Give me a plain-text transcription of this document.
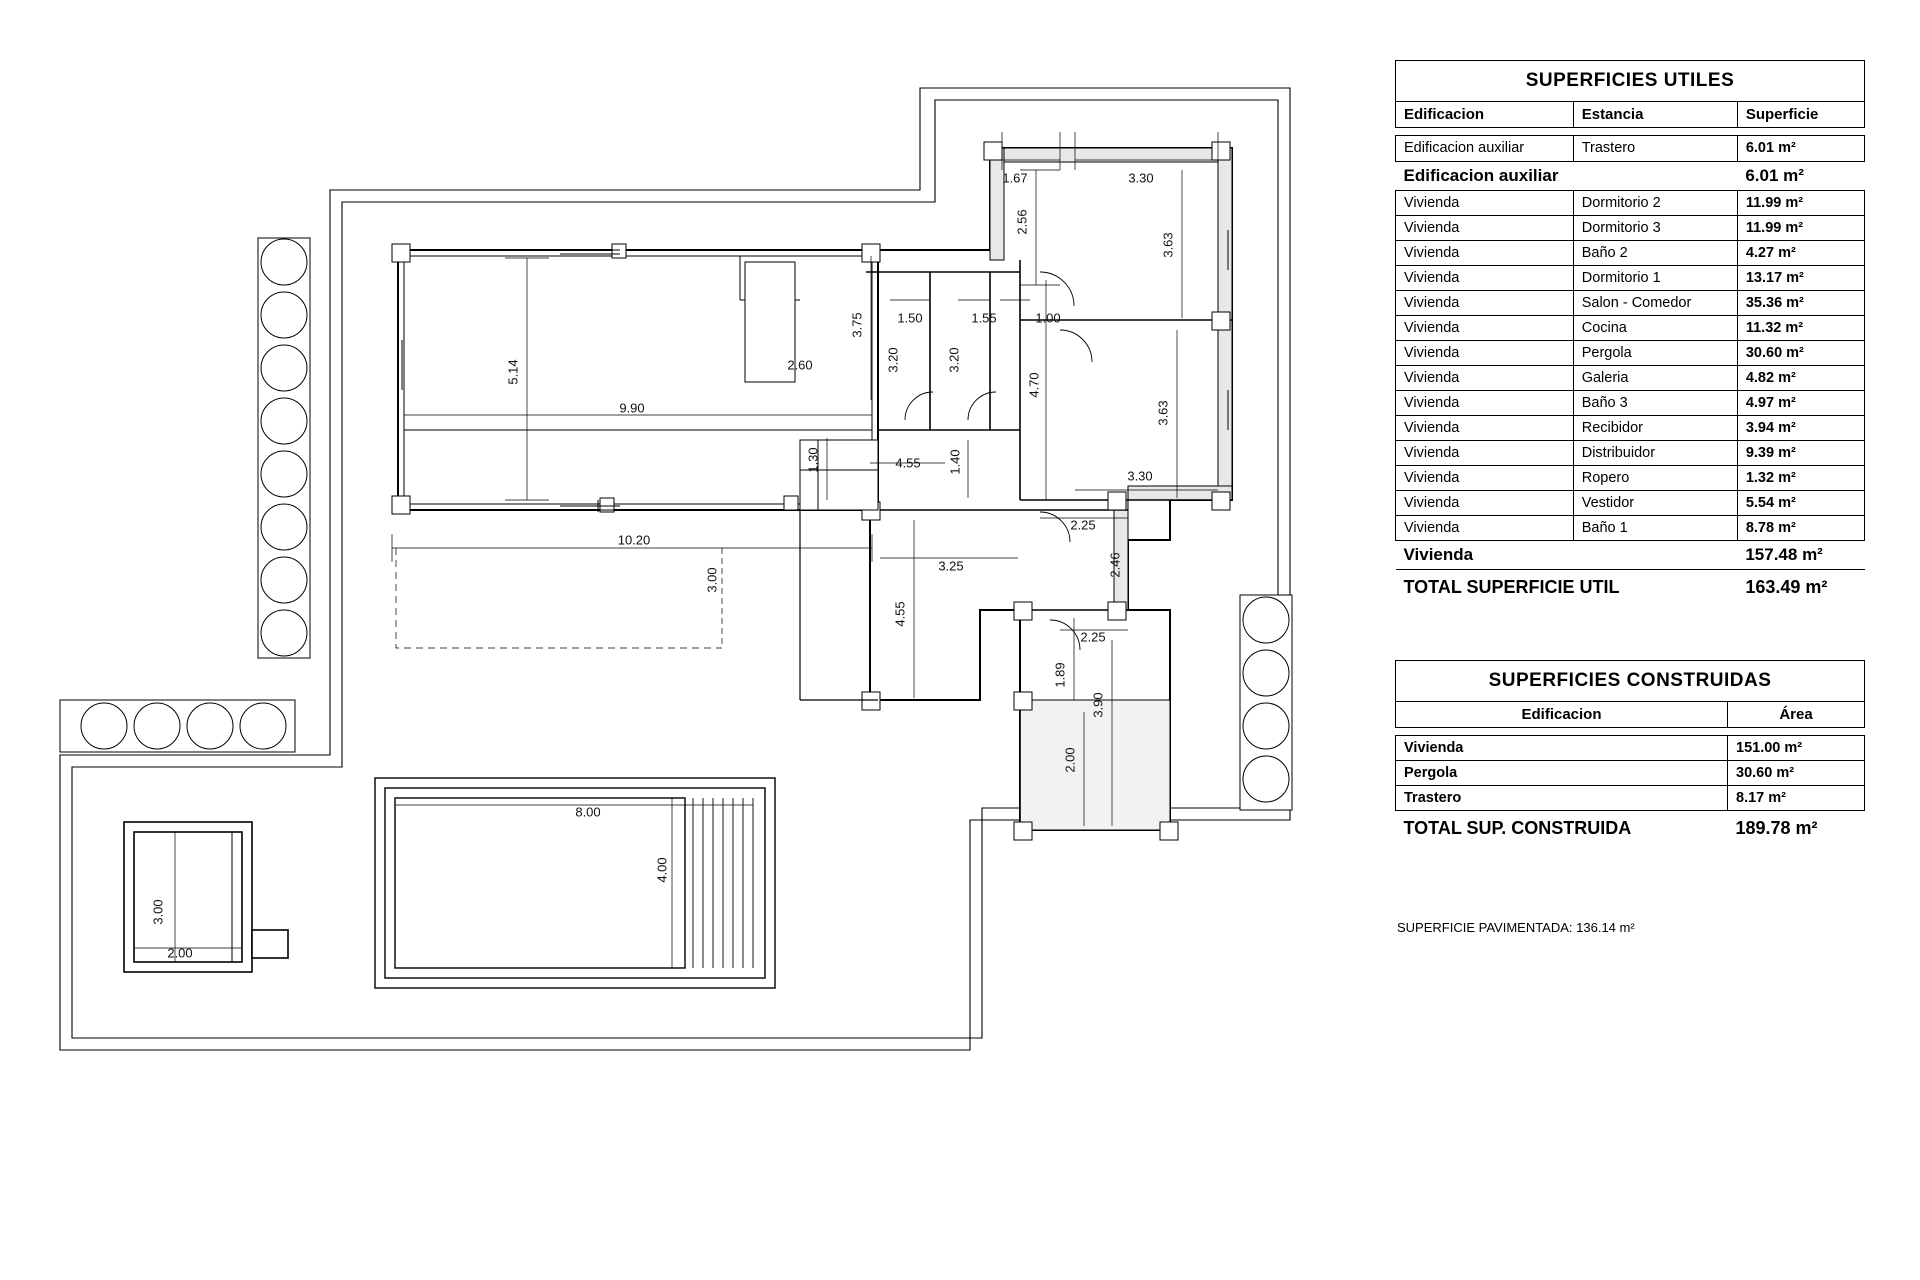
1.67	3.30
2.56
3.63
3.75	1.50	1.55	1.00
5.14	2.60	3.20	3.20
4.70
9.90	3.63
1.30	4.55 1.40
3.30
10.20
2.25
2.46
3.00
3.25
4.55
2.25
1.89
3.90
2.00
8.00
4.00
3.00
2.00
SUPERFICIES UTILES		
Edificacion	Estancia	Superficie

Edificacion auxiliar	Trastero	6.01 m²
Edificacion auxiliar		6.01 m²
Vivienda	Dormitorio 2	11.99 m²
Vivienda	Dormitorio 3	11.99 m²
Vivienda	Baño 2	4.27 m²
Vivienda	Dormitorio 1	13.17 m²
Vivienda	Salon - Comedor	35.36 m²
Vivienda	Cocina	11.32 m²
Vivienda	Pergola	30.60 m²
Vivienda	Galeria	4.82 m²
Vivienda	Baño 3	4.97 m²
Vivienda	Recibidor	3.94 m²
Vivienda	Distribuidor	9.39 m²
Vivienda	Ropero	1.32 m²
Vivienda	Vestidor	5.54 m²
Vivienda	Baño 1	8.78 m²
Vivienda		157.48 m²
TOTAL SUPERFICIE UTIL		163.49 m²
SUPERFICIES CONSTRUIDAS	
Edificacion	Área

Vivienda	151.00 m²
Pergola	30.60 m²
Trastero	8.17 m²
TOTAL SUP. CONSTRUIDA	189.78 m²
SUPERFICIE PAVIMENTADA: 136.14 m²
